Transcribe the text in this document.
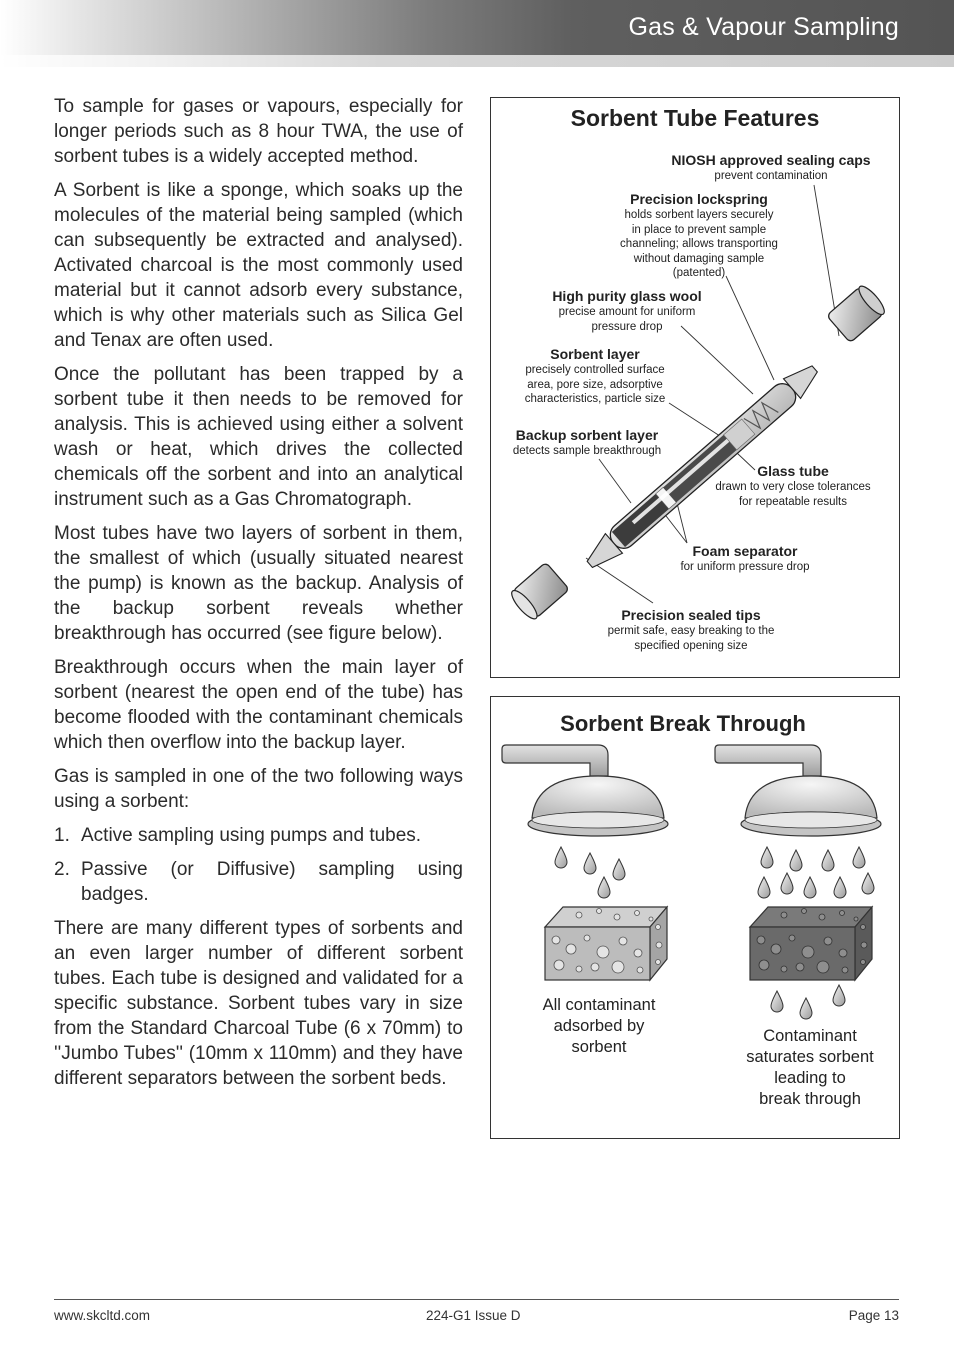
Gas & Vapour Sampling

To sample for gases or vapours, especially for longer periods such as 8 hour TWA, the use of sorbent tubes is a widely accepted method.

A Sorbent is like a sponge, which soaks up the molecules of the material being sampled (which can subsequently be extracted and analysed). Activated charcoal is the most commonly used material but it cannot adsorb every substance, which is why other materials such as Silica Gel and Tenax are often used.

Once the pollutant has been trapped by a sorbent tube it then needs to be removed for analysis. This is achieved using either a solvent wash or heat, which drives the collected chemicals off the sorbent and into an analytical instrument such as a Gas Chromatograph.

Most tubes have two layers of sorbent in them, the smallest of which (usually situated nearest the pump) is known as the backup. Analysis of the backup sorbent reveals whether breakthrough has occurred (see figure below).

Breakthrough occurs when the main layer of sorbent (nearest the open end of the tube) has become flooded with the contaminant chemicals which then overflow into the backup layer.

Gas is sampled in one of the two following ways using a sorbent:

1. Active sampling using pumps and tubes.
2. Passive (or Diffusive) sampling using badges.

There are many different types of sorbents and an even larger number of different sorbent tubes. Each tube is designed and validated for a specific substance. Sorbent tubes vary in size from the Standard Charcoal Tube (6 x 70mm) to ''Jumbo Tubes'' (10mm x 110mm) and they have different separators between the sorbent beds.

Sorbent Tube Features
NIOSH approved sealing caps
prevent contamination
Precision lockspring
holds sorbent layers securely
in place to prevent sample
channeling; allows transporting
without damaging sample
(patented)
High purity glass wool
precise amount for uniform
pressure drop
Sorbent layer
precisely controlled surface
area, pore size, adsorptive
characteristics, particle size
Backup sorbent layer
detects sample breakthrough
Glass tube
drawn to very close tolerances
for repeatable results
Foam separator
for uniform pressure drop
Precision sealed tips
permit safe, easy breaking to the
specified opening size
Sorbent Break Through
All contaminant
adsorbed by
sorbent
Contaminant
saturates sorbent
leading to
break through
www.skcltd.com	224-G1 Issue D	Page 13
